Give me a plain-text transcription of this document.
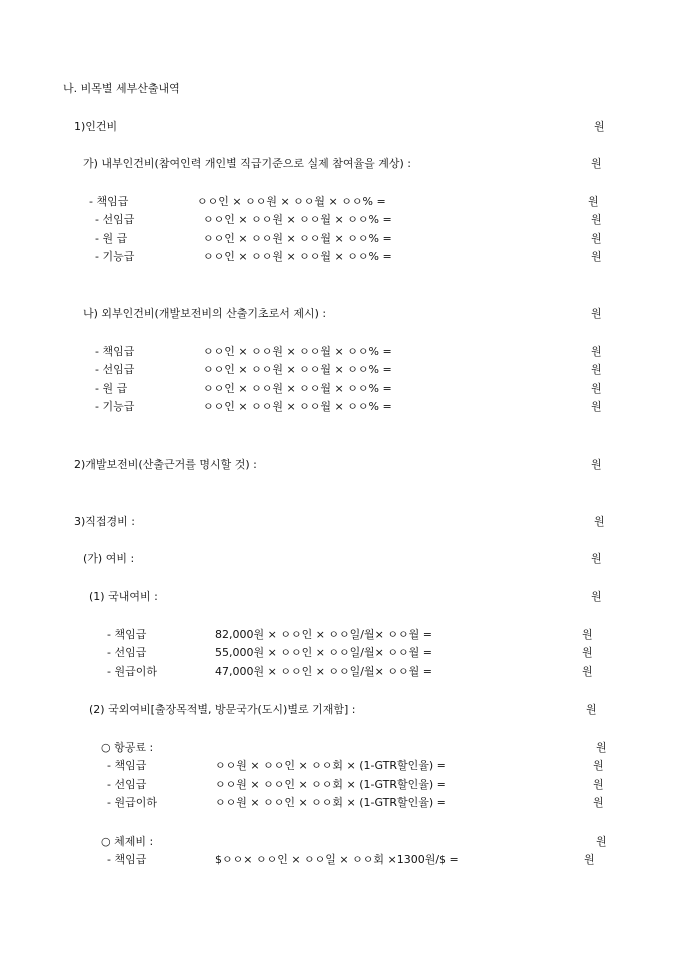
나. 비목별 세부산출내역
1)인건비	원
가) 내부인건비(참여인력 개인별 직급기준으로 실제 참여율을 계상) :	원
- 책임급	ㅇㅇ인 × ㅇㅇ원 × ㅇㅇ월 × ㅇㅇ% =	원
- 선임급	ㅇㅇ인 × ㅇㅇ원 × ㅇㅇ월 × ㅇㅇ% =	원
- 원 급	ㅇㅇ인 × ㅇㅇ원 × ㅇㅇ월 × ㅇㅇ% =	원
- 기능급	ㅇㅇ인 × ㅇㅇ원 × ㅇㅇ월 × ㅇㅇ% =	원
나) 외부인건비(개발보전비의 산출기초로서 제시) :	원
- 책임급	ㅇㅇ인 × ㅇㅇ원 × ㅇㅇ월 × ㅇㅇ% =	원
- 선임급	ㅇㅇ인 × ㅇㅇ원 × ㅇㅇ월 × ㅇㅇ% =	원
- 원 급	ㅇㅇ인 × ㅇㅇ원 × ㅇㅇ월 × ㅇㅇ% =	원
- 기능급	ㅇㅇ인 × ㅇㅇ원 × ㅇㅇ월 × ㅇㅇ% =	원
2)개발보전비(산출근거를 명시할 것) :	원
3)직접경비 :	원
(가) 여비 :	원
(1) 국내여비 :	원
- 책임급	82,000원 × ㅇㅇ인 × ㅇㅇ일/월× ㅇㅇ월 =	원
- 선임급	55,000원 × ㅇㅇ인 × ㅇㅇ일/월× ㅇㅇ월 =	원
- 원급이하	47,000원 × ㅇㅇ인 × ㅇㅇ일/월× ㅇㅇ월 =	원
(2) 국외여비[출장목적별, 방문국가(도시)별로 기재함] :	원
○ 항공료 :	원
- 책임급	ㅇㅇ원 × ㅇㅇ인 × ㅇㅇ회 × (1-GTR할인율) =	원
- 선임급	ㅇㅇ원 × ㅇㅇ인 × ㅇㅇ회 × (1-GTR할인율) =	원
- 원급이하	ㅇㅇ원 × ㅇㅇ인 × ㅇㅇ회 × (1-GTR할인율) =	원
○ 체제비 :	원
- 책임급	$ㅇㅇ× ㅇㅇ인 × ㅇㅇ일 × ㅇㅇ회 ×1300원/$ =	원
